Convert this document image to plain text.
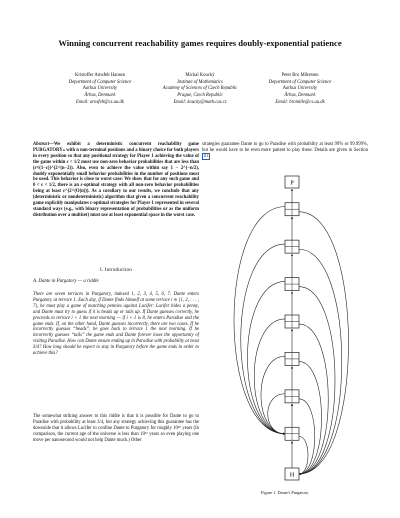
Winning concurrent reachability games requires doubly-exponential patience
Kristoffer Arnsfelt Hansen
Department of Computer Science
Aarhus University
Århus, Denmark
Email: arnsfelt@cs.au.dk
Michal Koucký
Institute of Mathematics
Academy of Sciences of Czech Republic
Prague, Czech Republic
Email: koucky@math.cas.cz
Peter Bro Miltersen
Department of Computer Science
Aarhus University
Århus, Denmark
Email: bromille@cs.au.dk
Abstract—We exhibit a deterministic concurrent reachability game PURGATORYₙ with n non-terminal positions and a binary choice for both players in every position so that any positional strategy for Player 1 achieving the value of the game within ε < 1/2 must use non-zero behavior probabilities that are less than (ε²/(1−ε))^(2^(n−2)). Also, even to achieve the value within say 1 − 2^(−n/2), doubly exponentially small behavior probabilities in the number of positions must be used. This behavior is close to worst case: We show that for any such game and 0 < ε < 1/2, there is an ε-optimal strategy with all non-zero behavior probabilities being at least ε^(2^(O(n))). As a corollary to our results, we conclude that any (deterministic or nondeterministic) algorithm that given a concurrent reachability game explicitly manipulates ε-optimal strategies for Player 1 represented in several standard ways (e.g., with binary representation of probabilities or as the uniform distribution over a multiset) must use at least exponential space in the worst case.
I. Introduction
A. Dante in Purgatory — a riddle
There are seven terraces in Purgatory, indexed 1, 2, 3, 4, 5, 6, 7. Dante enters Purgatory at terrace 1. Each day, if Dante finds himself at some terrace i ∈ {1, 2, . . . , 7}, he must play a game of matching pennies against Lucifer: Lucifer hides a penny, and Dante must try to guess if it is heads up or tails up. If Dante guesses correctly, he proceeds to terrace i + 1 the next morning — if i + 1 is 8, he enters Paradise and the game ends. If, on the other hand, Dante guesses incorrectly, there are two cases. If he incorrectly guesses “heads”, he goes back to terrace 1 the next morning. If he incorrectly guesses “tails” the game ends and Dante forever loses the opportunity of visiting Paradise. How can Dante ensure ending up in Paradise with probability at least 3/4? How long should he expect to stay in Purgatory before the game ends in order to achieve this?
The somewhat striking answer to this riddle is that it is possible for Dante to go to Paradise with probability at least 3/4, but any strategy achieving this guarantee has the downside that it allows Lucifer to confine Dante to Purgatory for roughly 10⁶⁵ years (In comparison, the current age of the universe is less than 10¹¹ years so even playing one move per nanosecond would not help Dante much.) Other
strategies guarantee Dante to go to Paradise with probability at least 99% or 99.999%, but he would have to be even more patient to play these. Details are given in Section III
P
H
Figure 1. Dante's Purgatory.
